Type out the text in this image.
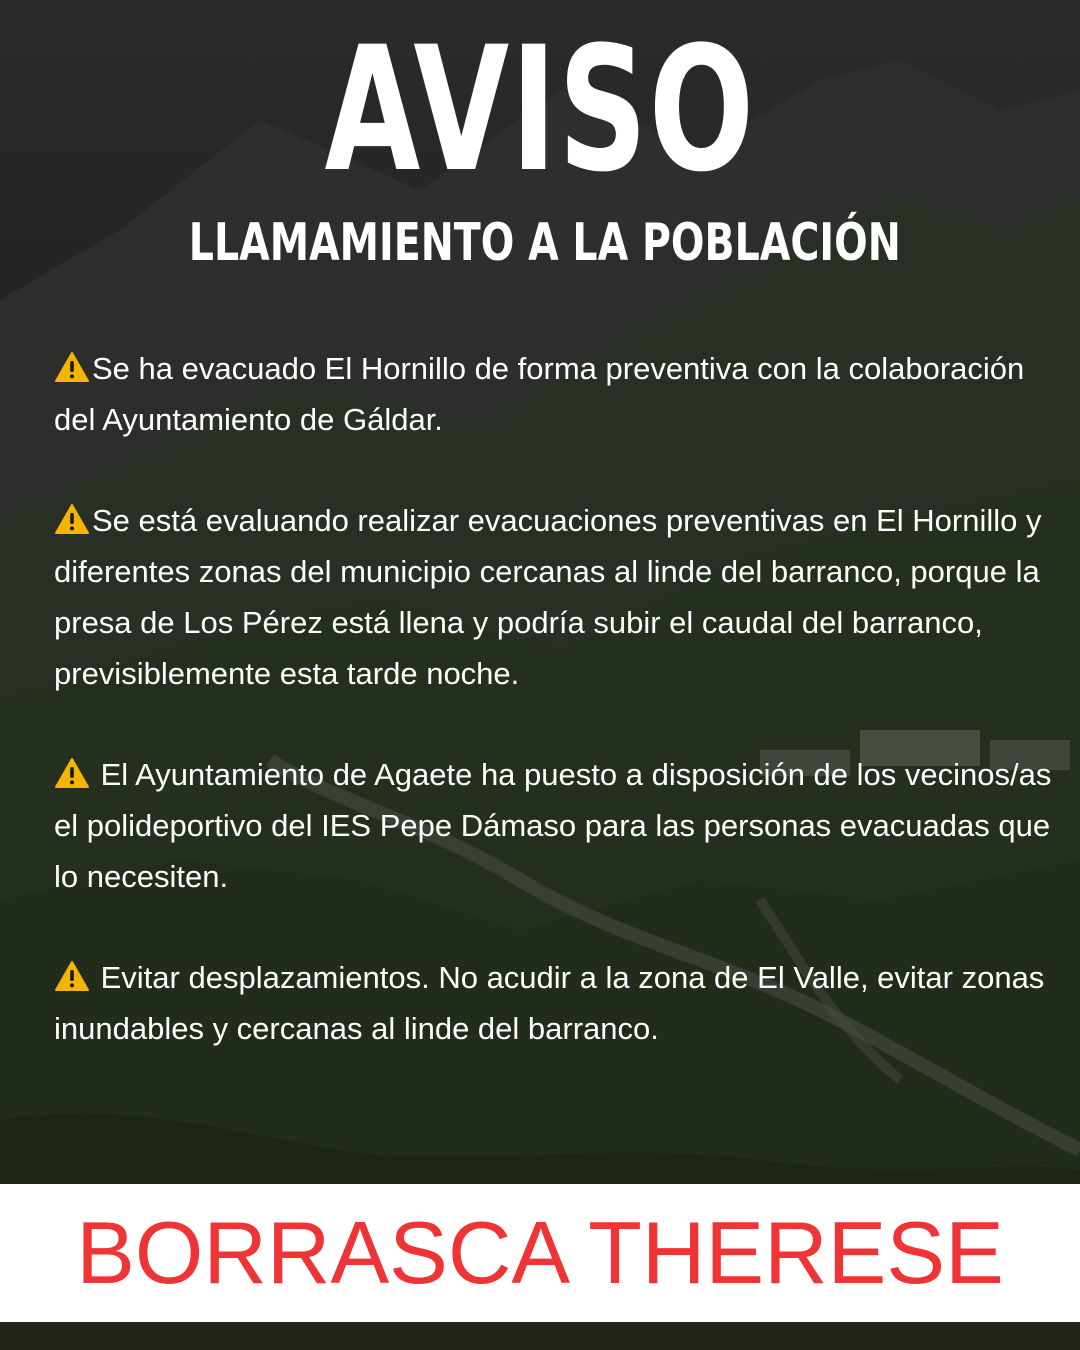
AVISO
LLAMAMIENTO A LA POBLACIÓN

Se ha evacuado El Hornillo de forma preventiva con la colaboración del Ayuntamiento de Gáldar.

Se está evaluando realizar evacuaciones preventivas en El Hornillo y diferentes zonas del municipio cercanas al linde del barranco, porque la presa de Los Pérez está llena y podría subir el caudal del barranco, previsiblemente esta tarde noche.

El Ayuntamiento de Agaete ha puesto a disposición de los vecinos/as el polideportivo del IES Pepe Dámaso para las personas evacuadas que lo necesiten.

Evitar desplazamientos. No acudir a la zona de El Valle, evitar zonas inundables y cercanas al linde del barranco.

BORRASCA THERESE
